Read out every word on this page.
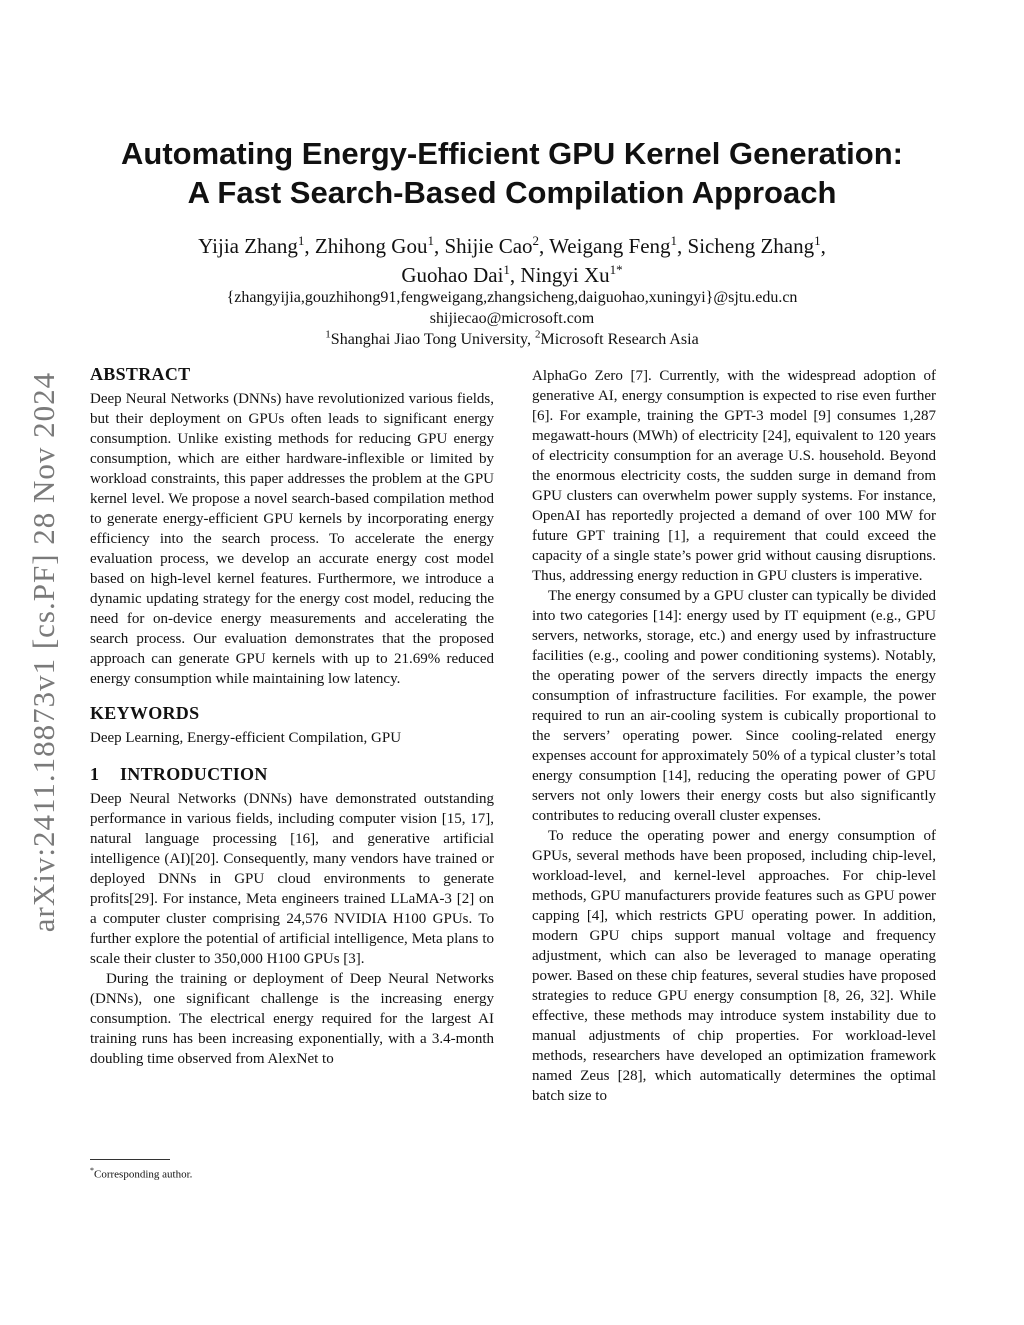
arXiv:2411.18873v1 [cs.PF] 28 Nov 2024
Automating Energy-Efficient GPU Kernel Generation:
A Fast Search-Based Compilation Approach
Yijia Zhang$^1$, Zhihong Gou$^1$, Shijie Cao$^2$, Weigang Feng$^1$, Sicheng Zhang$^1$,
Guohao Dai$^1$, Ningyi $Xu^{1*}$
{zhangyijia,gouzhihong91,fengweigang,zhangsicheng,daiguohao,xuningyi}@sjtu.edu.cn
shijiecao@microsoft.com
$^1$Shanghai Jiao Tong University, $^2$Microsoft Research Asia
ABSTRACT

Deep Neural Networks (DNNs) have revolutionized various fields, but their deployment on GPUs often leads to significant energy consumption. Unlike existing methods for reducing GPU energy consumption, which are either hardware-inflexible or limited by workload constraints, this paper addresses the problem at the GPU kernel level. We propose a novel search-based compilation method to generate energy-efficient GPU kernels by incorporating energy efficiency into the search process. To accelerate the energy evaluation process, we develop an accurate energy cost model based on high-level kernel features. Furthermore, we introduce a dynamic updating strategy for the energy cost model, reducing the need for on-device energy measurements and accelerating the search process. Our evaluation demonstrates that the proposed approach can generate GPU kernels with up to 21.69% reduced energy consumption while maintaining low latency.

KEYWORDS

Deep Learning, Energy-efficient Compilation, GPU

1 INTRODUCTION

Deep Neural Networks (DNNs) have demonstrated outstanding performance in various fields, including computer vision [15, 17], natural language processing [16], and generative artificial intelligence (AI)[20]. Consequently, many vendors have trained or deployed DNNs in GPU cloud environments to generate profits[29]. For instance, Meta engineers trained LLaMA-3 [2] on a computer cluster comprising 24,576 NVIDIA H100 GPUs. To further explore the potential of artificial intelligence, Meta plans to scale their cluster to 350,000 H100 GPUs [3].

During the training or deployment of Deep Neural Networks (DNNs), one significant challenge is the increasing energy consumption. The electrical energy required for the largest AI training runs has been increasing exponentially, with a 3.4-month doubling time observed from AlexNet to

AlphaGo Zero [7]. Currently, with the widespread adoption of generative AI, energy consumption is expected to rise even further [6]. For example, training the GPT-3 model [9] consumes 1,287 megawatt-hours (MWh) of electricity [24], equivalent to 120 years of electricity consumption for an average U.S. household. Beyond the enormous electricity costs, the sudden surge in demand from GPU clusters can overwhelm power supply systems. For instance, OpenAI has reportedly projected a demand of over 100 MW for future GPT training [1], a requirement that could exceed the capacity of a single state’s power grid without causing disruptions. Thus, addressing energy reduction in GPU clusters is imperative.

The energy consumed by a GPU cluster can typically be divided into two categories [14]: energy used by IT equipment (e.g., GPU servers, networks, storage, etc.) and energy used by infrastructure facilities (e.g., cooling and power conditioning systems). Notably, the operating power of the servers directly impacts the energy consumption of infrastructure facilities. For example, the power required to run an air-cooling system is cubically proportional to the servers’ operating power. Since cooling-related energy expenses account for approximately 50% of a typical cluster’s total energy consumption [14], reducing the operating power of GPU servers not only lowers their energy costs but also significantly contributes to reducing overall cluster expenses.

To reduce the operating power and energy consumption of GPUs, several methods have been proposed, including chip-level, workload-level, and kernel-level approaches. For chip-level methods, GPU manufacturers provide features such as GPU power capping [4], which restricts GPU operating power. In addition, modern GPU chips support manual voltage and frequency adjustment, which can also be leveraged to manage operating power. Based on these chip features, several studies have proposed strategies to reduce GPU energy consumption [8, 26, 32]. While effective, these methods may introduce system instability due to manual adjustments of chip properties. For workload-level methods, researchers have developed an optimization framework named Zeus [28], which automatically determines the optimal batch size to

*Corresponding author.
